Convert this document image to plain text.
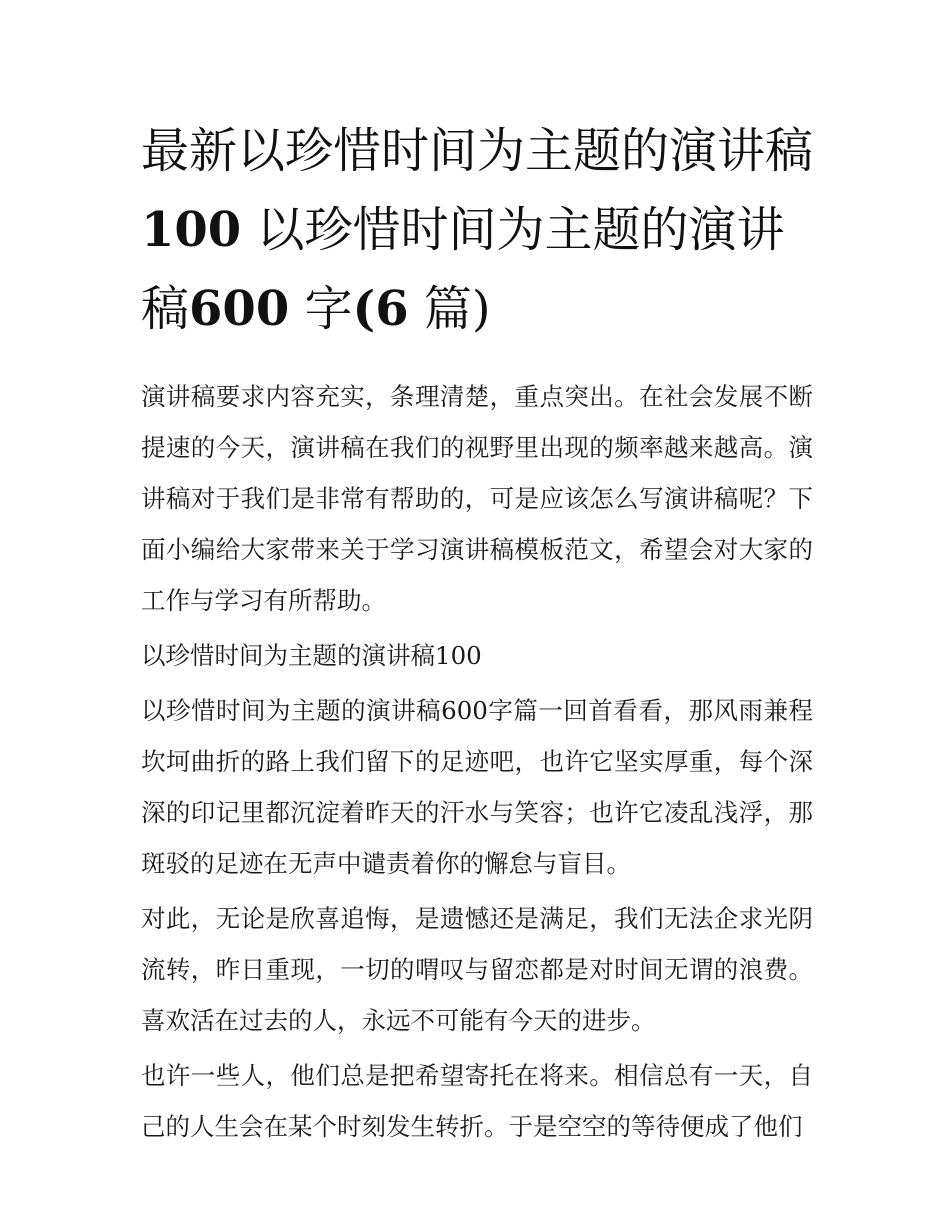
最新以珍惜时间为主题的演讲稿100 以珍惜时间为主题的演讲稿600 字(6 篇)

演讲稿要求内容充实，条理清楚，重点突出。在社会发展不断提速的今天，演讲稿在我们的视野里出现的频率越来越高。演讲稿对于我们是非常有帮助的，可是应该怎么写演讲稿呢？下面小编给大家带来关于学习演讲稿模板范文，希望会对大家的工作与学习有所帮助。

以珍惜时间为主题的演讲稿100

以珍惜时间为主题的演讲稿600字篇一回首看看，那风雨兼程坎坷曲折的路上我们留下的足迹吧，也许它坚实厚重，每个深深的印记里都沉淀着昨天的汗水与笑容；也许它凌乱浅浮，那斑驳的足迹在无声中谴责着你的懈怠与盲目。

对此，无论是欣喜追悔，是遗憾还是满足，我们无法企求光阴流转，昨日重现，一切的喟叹与留恋都是对时间无谓的浪费。喜欢活在过去的人，永远不可能有今天的进步。

也许一些人，他们总是把希望寄托在将来。相信总有一天，自己的人生会在某个时刻发生转折。于是空空的等待便成了他们
